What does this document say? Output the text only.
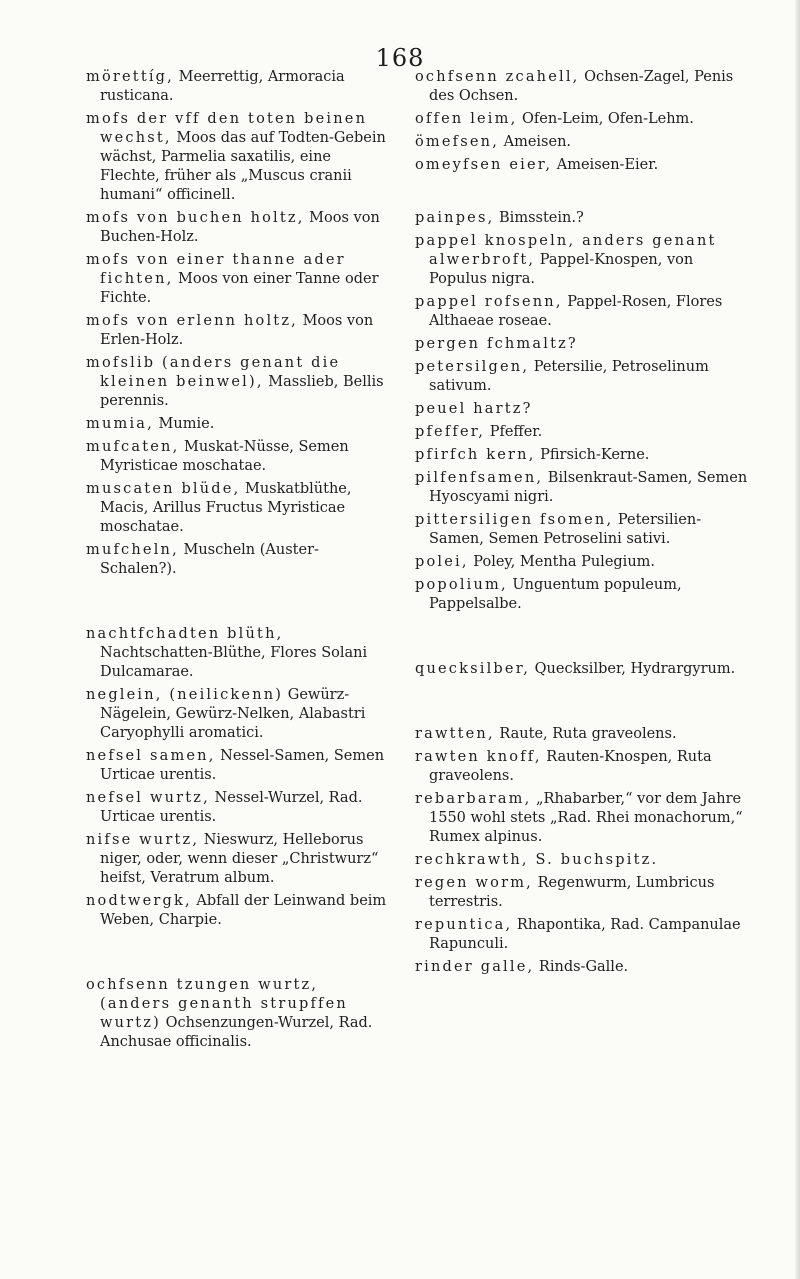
168

mörettíg, Meerrettig, Armoracia rusticana.

mofs der vff den toten beinen wechst, Moos das auf Todten-Gebein wächst, Parmelia saxatilis, eine Flechte, früher als „Muscus cranii humani“ officinell.

mofs von buchen holtz, Moos von Buchen-Holz.

mofs von einer thanne ader fichten, Moos von einer Tanne oder Fichte.

mofs von erlenn holtz, Moos von Erlen-Holz.

mofslib (anders genant die kleinen beinwel), Masslieb, Bellis perennis.

mumia, Mumie.

mufcaten, Muskat-Nüsse, Semen Myristicae moschatae.

muscaten blüde, Muskatblüthe, Macis, Arillus Fructus Myristicae moschatae.

mufcheln, Muscheln (Auster-Schalen?).

nachtfchadten blüth, Nachtschatten-Blüthe, Flores Solani Dulcamarae.

neglein, (neilickenn) Gewürz-Nägelein, Gewürz-Nelken, Alabastri Caryophylli aromatici.

nefsel samen, Nessel-Samen, Semen Urticae urentis.

nefsel wurtz, Nessel-Wurzel, Rad. Urticae urentis.

nifse wurtz, Nieswurz, Helleborus niger, oder, wenn dieser „Christwurz“ heifst, Veratrum album.

nodtwergk, Abfall der Leinwand beim Weben, Charpie.

ochfsenn tzungen wurtz, (anders genanth strupffen wurtz) Ochsenzungen-Wurzel, Rad. Anchusae officinalis.

ochfsenn zcahell, Ochsen-Zagel, Penis des Ochsen.

offen leim, Ofen-Leim, Ofen-Lehm.

ömefsen, Ameisen.

omeyfsen eier, Ameisen-Eier.

painpes, Bimsstein.?

pappel knospeln, anders genant alwerbroft, Pappel-Knospen, von Populus nigra.

pappel rofsenn, Pappel-Rosen, Flores Althaeae roseae.

pergen fchmaltz?

petersilgen, Petersilie, Petroselinum sativum.

peuel hartz?

pfeffer, Pfeffer.

pfirfch kern, Pfirsich-Kerne.

pilfenfsamen, Bilsenkraut-Samen, Semen Hyoscyami nigri.

pittersiligen fsomen, Petersilien-Samen, Semen Petroselini sativi.

polei, Poley, Mentha Pulegium.

popolium, Unguentum populeum, Pappelsalbe.

quecksilber, Quecksilber, Hydrargyrum.

rawtten, Raute, Ruta graveolens.

rawten knoff, Rauten-Knospen, Ruta graveolens.

rebarbaram, „Rhabarber,“ vor dem Jahre 1550 wohl stets „Rad. Rhei monachorum,“ Rumex alpinus.

rechkrawth, S. buchspitz.

regen worm, Regenwurm, Lumbricus terrestris.

repuntica, Rhapontika, Rad. Campanulae Rapunculi.

rinder galle, Rinds-Galle.
